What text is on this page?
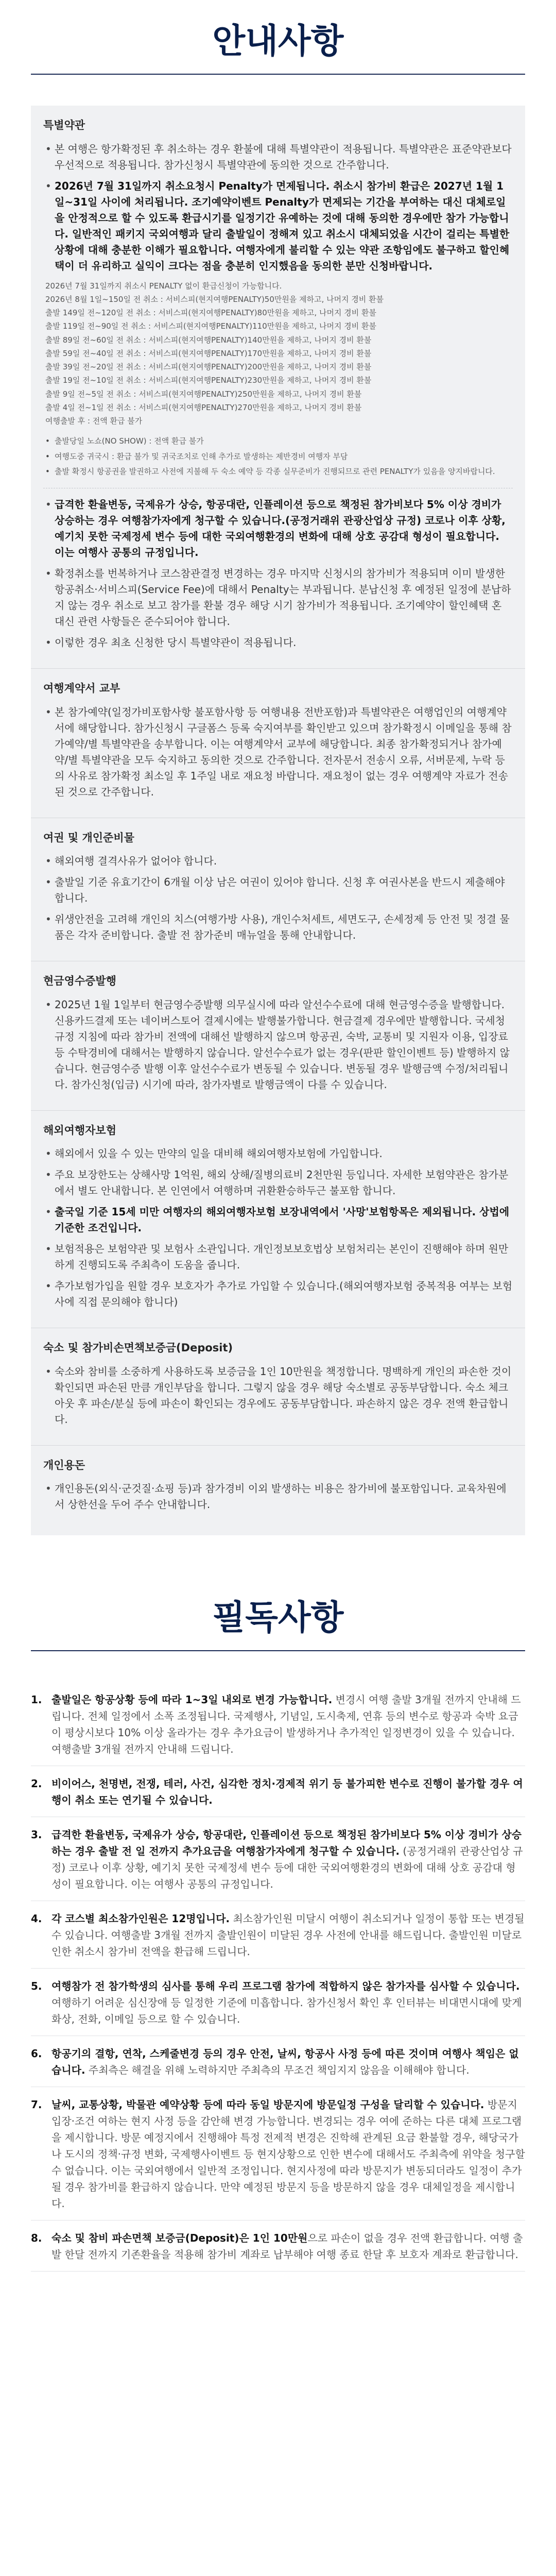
안내사항
특별약관
• 본 여행은 항가확정된 후 취소하는 경우 환불에 대해 특별약관이 적용됩니다. 특별약관은 표준약관보다 우선적으로 적용됩니다. 참가신청시 특별약관에 동의한 것으로 간주합니다.
• 2026년 7월 31일까지 취소요청시 Penalty가 면제됩니다. 취소시 참가비 환급은 2027년 1월 1일~31일 사이에 처리됩니다. 조기예약이벤트 Penalty가 면제되는 기간을 부여하는 대신 대체로일을 안정적으로 할 수 있도록 환급시기를 일정기간 유예하는 것에 대해 동의한 경우에만 참가 가능합니다. 일반적인 패키지 국외여행과 달리 출발일이 정해져 있고 취소시 대체되었을 시간이 걸리는 특별한 상황에 대해 충분한 이해가 필요합니다. 여행자에게 불리할 수 있는 약관 조항임에도 불구하고 할인혜택이 더 유리하고 실익이 크다는 점을 충분히 인지했음을 동의한 분만 신청바랍니다.
2026년 7월 31일까지 취소시 PENALTY 없이 환급신청이 가능합니다.
2026년 8월 1일~150일 전 취소 : 서비스피(현지여행PENALTY)50만원을 제하고, 나머지 경비 환불
출발 149일 전~120일 전 취소 : 서비스피(현지여행PENALTY)80만원을 제하고, 나머지 경비 환불
출발 119일 전~90일 전 취소 : 서비스피(현지여행PENALTY)110만원을 제하고, 나머지 경비 환불
출발 89일 전~60일 전 취소 : 서비스피(현지여행PENALTY)140만원을 제하고, 나머지 경비 환불
출발 59일 전~40일 전 취소 : 서비스피(현지여행PENALTY)170만원을 제하고, 나머지 경비 환불
출발 39일 전~20일 전 취소 : 서비스피(현지여행PENALTY)200만원을 제하고, 나머지 경비 환불
출발 19일 전~10일 전 취소 : 서비스피(현지여행PENALTY)230만원을 제하고, 나머지 경비 환불
출발 9일 전~5일 전 취소 : 서비스피(현지여행PENALTY)250만원을 제하고, 나머지 경비 환불
출발 4일 전~1일 전 취소 : 서비스피(현지여행PENALTY)270만원을 제하고, 나머지 경비 환불
여행출발 후 : 전액 환급 불가
• 출발당일 노쇼(NO SHOW) : 전액 환급 불가
• 여행도중 귀국시 : 환급 불가 및 귀국조치로 인해 추가로 발생하는 제반경비 여행자 부담
• 출발 확정시 항공권을 발권하고 사전에 지불해 두 숙소 예약 등 각종 실무준비가 진행되므로 관련 PENALTY가 있음을 양지바랍니다.
• 급격한 환율변동, 국제유가 상승, 항공대란, 인플레이션 등으로 책정된 참가비보다 5% 이상 경비가 상승하는 경우 여행참가자에게 청구할 수 있습니다.(공정거래위 관광산업상 규정) 코로나 이후 상황, 예기치 못한 국제정세 변수 등에 대한 국외여행환경의 변화에 대해 상호 공감대 형성이 필요합니다. 이는 여행사 공통의 규정입니다.
• 확정취소를 번복하거나 코스참관결정 변경하는 경우 마지막 신청시의 참가비가 적용되며 이미 발생한 항공취소·서비스피(Service Fee)에 대해서 Penalty는 부과됩니다. 분납신청 후 예정된 일정에 분납하지 않는 경우 취소로 보고 참가를 환불 경우 해당 시기 참가비가 적용됩니다. 조기예약이 할인혜택 혼 대신 관련 사항들은 준수되어야 합니다.
• 이렇한 경우 최초 신청한 당시 특별약관이 적용됩니다.
여행계약서 교부
• 본 참가예약(일정가비포함사항 불포함사항 등 여행내용 전반포함)과 특별약관은 여행업인의 여행계약서에 해당합니다. 참가신청시 구글폼스 등록 숙지여부를 확인받고 있으며 참가확정시 이메일을 통해 참가예약/별 특별약관을 송부합니다. 이는 여행계약서 교부에 해당합니다. 최종 참가확정되거나 참가예약/별 특별약관을 모두 숙지하고 동의한 것으로 간주합니다. 전자문서 전송시 오류, 서버문제, 누락 등의 사유로 참가확정 최소일 후 1주일 내로 재요청 바랍니다. 재요청이 없는 경우 여행계약 자료가 전송된 것으로 간주합니다.
여권 및 개인준비물
• 해외여행 결격사유가 없어야 합니다.
• 출발일 기준 유효기간이 6개월 이상 남은 여권이 있어야 합니다. 신청 후 여권사본을 반드시 제출해야 합니다.
• 위생안전을 고려해 개인의 치스(여행가방 사용), 개인수처세트, 세면도구, 손세정제 등 안전 및 정결 물품은 각자 준비합니다. 출발 전 참가준비 매뉴얼을 통해 안내합니다.
현금영수증발행
• 2025년 1월 1일부터 현금영수증발행 의무실시에 따라 알선수수료에 대해 현금영수증을 발행합니다. 신용카드결제 또는 네이버스토어 결제시에는 발행불가합니다. 현금결제 경우에만 발행합니다. 국세청 규정 지침에 따라 참가비 전액에 대해선 발행하지 않으며 항공권, 숙박, 교통비 및 지원자 이용, 입장료 등 수탁경비에 대해서는 발행하지 않습니다. 알선수수료가 없는 경우(판판 할인이벤트 등) 발행하지 않습니다. 현금영수증 발행 이후 알선수수료가 변동될 수 있습니다. 변동될 경우 발행금액 수정/처리됩니다. 참가신청(입금) 시기에 따라, 참가자별로 발행금액이 다를 수 있습니다.
해외여행자보험
• 해외에서 있을 수 있는 만약의 일을 대비해 해외여행자보험에 가입합니다.
• 주요 보장한도는 상해사망 1억원, 해외 상해/질병의료비 2천만원 등입니다. 자세한 보험약관은 참가분에서 별도 안내합니다. 본 인연에서 여행하며 귀환환승하두근 불포함 합니다.
• 출국일 기준 15세 미만 여행자의 해외여행자보험 보장내역에서 '사망'보험항목은 제외됩니다. 상법에 기준한 조건입니다.
• 보험적용은 보험약관 및 보험사 소관입니다. 개인정보보호법상 보험처리는 본인이 진행해야 하며 원만하게 진행되도록 주최측이 도움을 줍니다.
• 추가보험가입을 원할 경우 보호자가 추가로 가입할 수 있습니다.(해외여행자보험 중복적용 여부는 보험사에 직접 문의해야 합니다)
숙소 및 참가비손면책보증금(Deposit)
• 숙소와 참비를 소중하게 사용하도록 보증금을 1인 10만원을 책정합니다. 명백하게 개인의 파손한 것이 확인되면 파손된 만큼 개인부담을 합니다. 그렇지 않을 경우 해당 숙소별로 공동부담합니다. 숙소 체크아웃 후 파손/분실 등에 파손이 확인되는 경우에도 공동부담합니다. 파손하지 않은 경우 전액 환급합니다.
개인용돈
• 개인용돈(외식·군것질·쇼핑 등)과 참가경비 이외 발생하는 비용은 참가비에 불포함입니다. 교육차원에서 상한선을 두어 주수 안내합니다.
필독사항
1. 출발일은 항공상황 등에 따라 1~3일 내외로 변경 가능합니다. 변경시 여행 출발 3개월 전까지 안내해 드립니다. 전체 일정에서 소폭 조정됩니다. 국제행사, 기념일, 도시축제, 연휴 등의 변수로 항공과 숙박 요금이 평상시보다 10% 이상 올라가는 경우 추가요금이 발생하거나 추가적인 일정변경이 있을 수 있습니다. 여행출발 3개월 전까지 안내해 드립니다.
2. 비이어스, 천명변, 전쟁, 테러, 사건, 심각한 정치·경제적 위기 등 불가피한 변수로 진행이 불가할 경우 여행이 취소 또는 연기될 수 있습니다.
3. 급격한 환율변동, 국제유가 상승, 항공대란, 인플레이션 등으로 책정된 참가비보다 5% 이상 경비가 상승하는 경우 출발 전 일 전까지 추가요금을 여행참가자에게 청구할 수 있습니다. (공정거래위 관광산업상 규정) 코로나 이후 상황, 예기치 못한 국제정세 변수 등에 대한 국외여행환경의 변화에 대해 상호 공감대 형성이 필요합니다. 이는 여행사 공통의 규정입니다.
4. 각 코스별 최소참가인원은 12명입니다. 최소참가인원 미달시 여행이 취소되거나 일정이 통합 또는 변경될 수 있습니다. 여행출발 3개월 전까지 출발인원이 미달된 경우 사전에 안내를 해드립니다. 출발인원 미달로 인한 취소시 참가비 전액을 환급해 드립니다.
5. 여행참가 전 참가학생의 심사를 통해 우리 프로그램 참가에 적합하지 않은 참가자를 심사할 수 있습니다. 여행하기 어려운 심신장애 등 일정한 기준에 미흡합니다. 참가신청서 확인 후 인터뷰는 비대면시대에 맞게 화상, 전화, 이메일 등으로 할 수 있습니다.
6. 항공기의 결항, 연착, 스케줄변경 등의 경우 안전, 날씨, 항공사 사정 등에 따른 것이며 여행사 책임은 없습니다. 주최측은 해결을 위해 노력하지만 주최측의 무조건 책임지지 않음을 이해해야 합니다.
7. 날씨, 교통상황, 박물관 예약상황 등에 따라 동일 방문지에 방문일정 구성을 달리할 수 있습니다. 방문지 입장·조건 여하는 현지 사정 등을 감안해 변경 가능합니다. 변경되는 경우 여에 준하는 다른 대체 프로그램을 제시합니다. 방문 예정지에서 진행해야 특정 전제적 변경은 진학해 관계된 요금 환불할 경우, 해당국가나 도시의 정책·규정 변화, 국제행사이벤트 등 현지상황으로 인한 변수에 대해서도 주최측에 위약을 청구할 수 없습니다. 이는 국외여행에서 일반적 조정입니다. 현지사정에 따라 방문지가 변동되더라도 일정이 추가될 경우 참가비를 환급하지 않습니다. 만약 예정된 방문지 등을 방문하지 않을 경우 대체일정을 제시합니다.
8. 숙소 및 참비 파손면책 보증금(Deposit)은 1인 10만원으로 파손이 없을 경우 전액 환급합니다. 여행 출발 한달 전까지 기존환율을 적용해 참가비 계좌로 납부해야 여행 종료 한달 후 보호자 계좌로 환급합니다.
